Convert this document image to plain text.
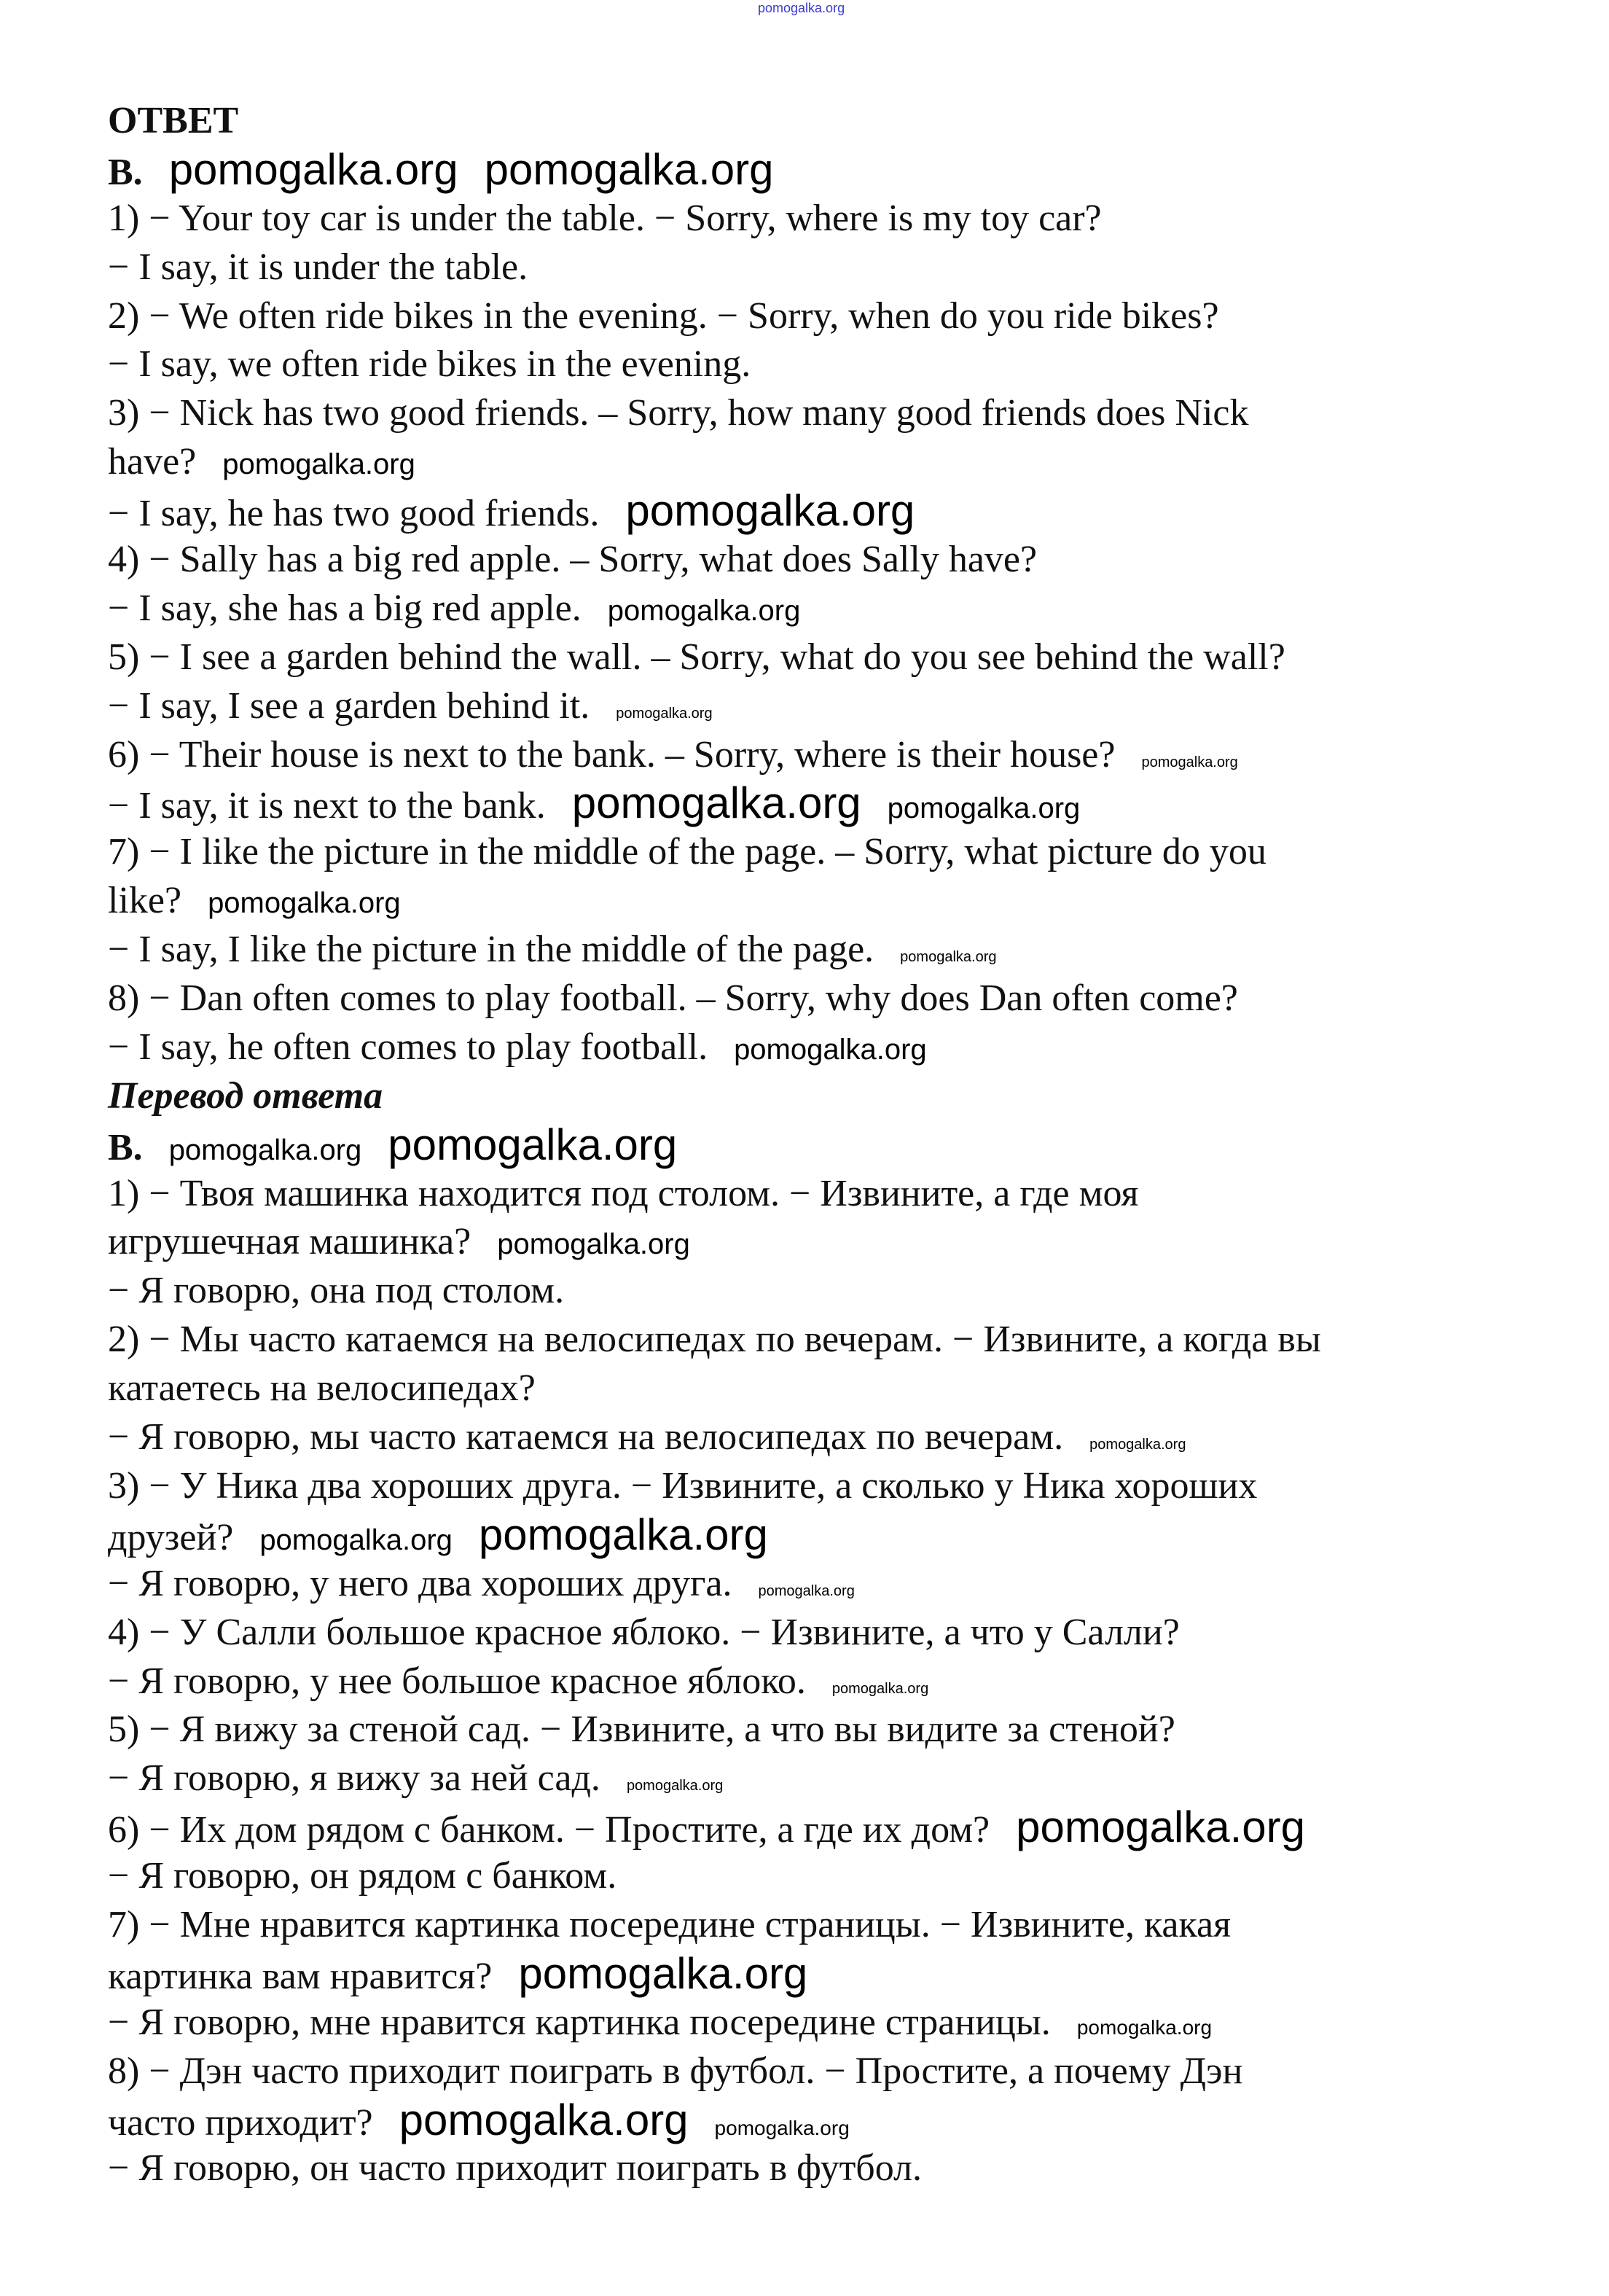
pomogalka.org
ОТВЕТ
B. pomogalka.org pomogalka.org
1) − Your toy car is under the table. − Sorry, where is my toy car?
− I say, it is under the table.
2) − We often ride bikes in the evening. − Sorry, when do you ride bikes?
− I say, we often ride bikes in the evening.
3) − Nick has two good friends. – Sorry, how many good friends does Nick
have? pomogalka.org
− I say, he has two good friends. pomogalka.org
4) − Sally has a big red apple. – Sorry, what does Sally have?
− I say, she has a big red apple. pomogalka.org
5) − I see a garden behind the wall. – Sorry, what do you see behind the wall?
− I say, I see a garden behind it. pomogalka.org
6) − Their house is next to the bank. – Sorry, where is their house? pomogalka.org
− I say, it is next to the bank. pomogalka.org pomogalka.org
7) − I like the picture in the middle of the page. – Sorry, what picture do you
like? pomogalka.org
− I say, I like the picture in the middle of the page. pomogalka.org
8) − Dan often comes to play football. – Sorry, why does Dan often come?
− I say, he often comes to play football. pomogalka.org
Перевод ответа
B. pomogalka.org pomogalka.org
1) − Твоя машинка находится под столом. − Извините, а где моя
игрушечная машинка? pomogalka.org
− Я говорю, она под столом.
2) − Мы часто катаемся на велосипедах по вечерам. − Извините, а когда вы
катаетесь на велосипедах?
− Я говорю, мы часто катаемся на велосипедах по вечерам. pomogalka.org
3) − У Ника два хороших друга. − Извините, а сколько у Ника хороших
друзей? pomogalka.org pomogalka.org
− Я говорю, у него два хороших друга. pomogalka.org
4) − У Салли большое красное яблоко. − Извините, а что у Салли?
− Я говорю, у нее большое красное яблоко. pomogalka.org
5) − Я вижу за стеной сад. − Извините, а что вы видите за стеной?
− Я говорю, я вижу за ней сад. pomogalka.org
6) − Их дом рядом с банком. − Простите, а где их дом? pomogalka.org
− Я говорю, он рядом с банком.
7) − Мне нравится картинка посередине страницы. − Извините, какая
картинка вам нравится? pomogalka.org
− Я говорю, мне нравится картинка посередине страницы. pomogalka.org
8) − Дэн часто приходит поиграть в футбол. − Простите, а почему Дэн
часто приходит? pomogalka.org pomogalka.org
− Я говорю, он часто приходит поиграть в футбол.
